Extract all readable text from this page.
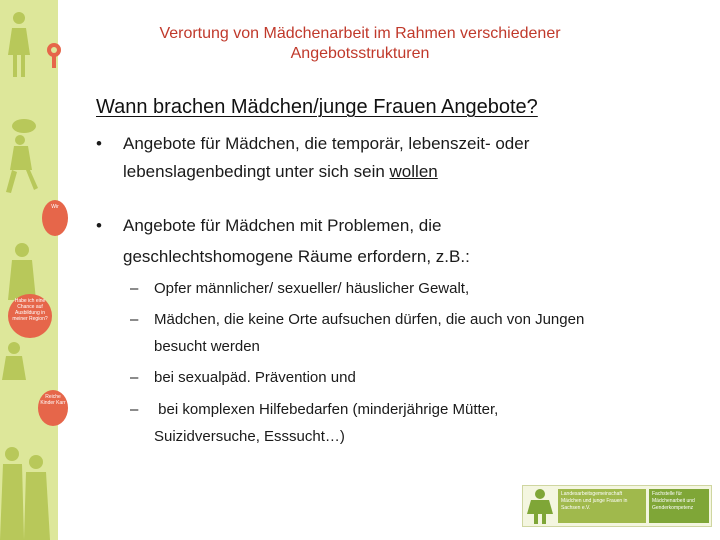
Wir
Habe ich eine Chance auf Ausbildung in meiner Region?
Reiche Kinder Karr
Verortung von Mädchenarbeit im Rahmen verschiedener Angebotsstrukturen
Wann brachen Mädchen/junge Frauen Angebote?
• Angebote für Mädchen, die temporär, lebenszeit- oder
lebenslagenbedingt unter sich sein wollen
• Angebote für Mädchen mit Problemen, die
geschlechtshomogene Räume erfordern, z.B.:
– Opfer männlicher/ sexueller/ häuslicher Gewalt,
– Mädchen, die keine Orte aufsuchen dürfen, die auch von Jungen
besucht werden
– bei sexualpäd. Prävention und
– bei komplexen Hilfebedarfen (minderjährige Mütter,
Suizidversuche, Esssucht…)
Landesarbeitsgemeinschaft Mädchen und junge Frauen in Sachsen e.V.
Fachstelle für Mädchenarbeit und Genderkompetenz
